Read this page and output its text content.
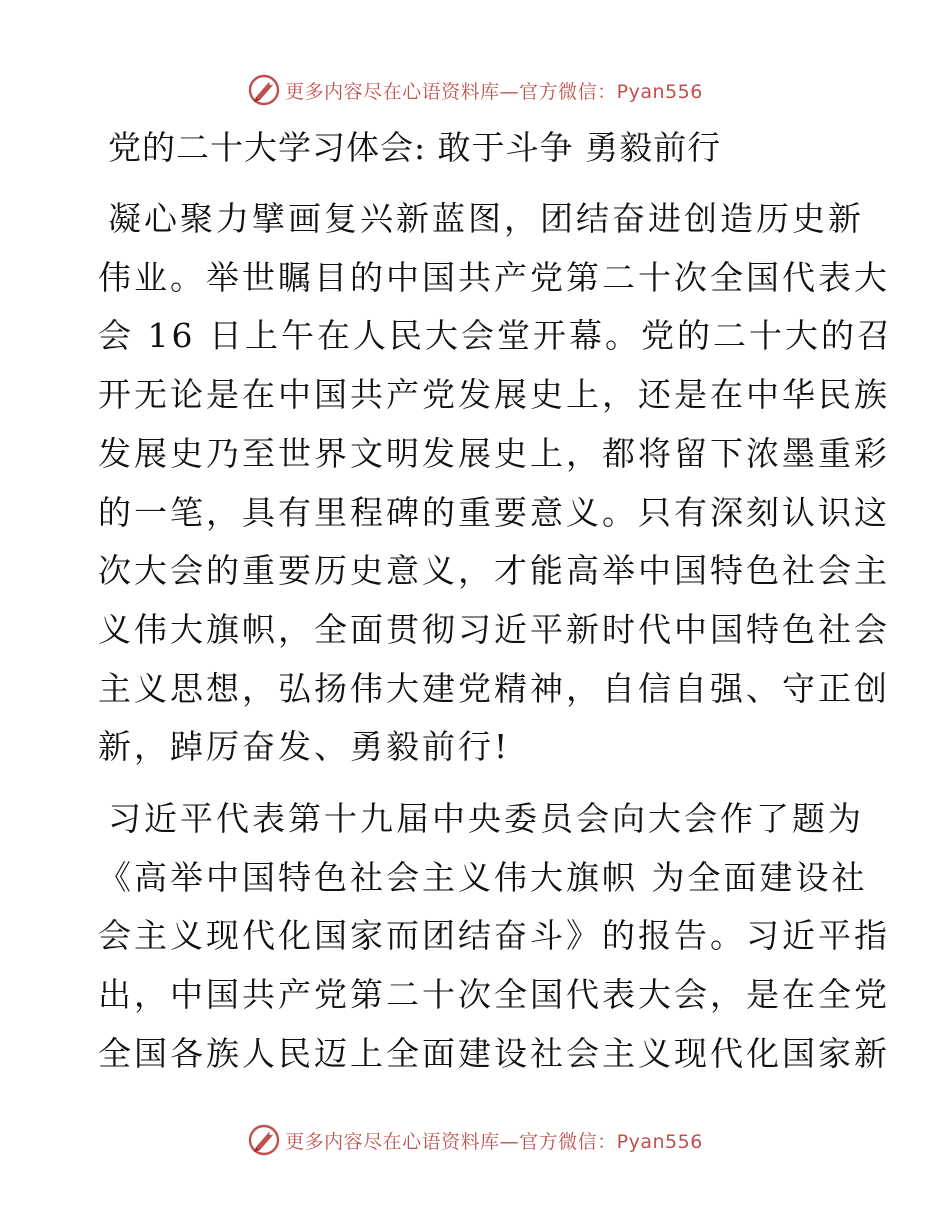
更多内容尽在心语资料库—官方微信：Pyan556
党的二十大学习体会: 敢于斗争 勇毅前行

凝心聚力擘画复兴新蓝图，团结奋进创造历史新
伟业。举世瞩目的中国共产党第二十次全国代表大
会 16 日上午在人民大会堂开幕。党的二十大的召
开无论是在中国共产党发展史上，还是在中华民族
发展史乃至世界文明发展史上，都将留下浓墨重彩
的一笔，具有里程碑的重要意义。只有深刻认识这
次大会的重要历史意义，才能高举中国特色社会主
义伟大旗帜，全面贯彻习近平新时代中国特色社会
主义思想，弘扬伟大建党精神，自信自强、守正创
新，踔厉奋发、勇毅前行!

习近平代表第十九届中央委员会向大会作了题为
《高举中国特色社会主义伟大旗帜 为全面建设社
会主义现代化国家而团结奋斗》的报告。习近平指
出，中国共产党第二十次全国代表大会，是在全党
全国各族人民迈上全面建设社会主义现代化国家新

更多内容尽在心语资料库—官方微信：Pyan556
